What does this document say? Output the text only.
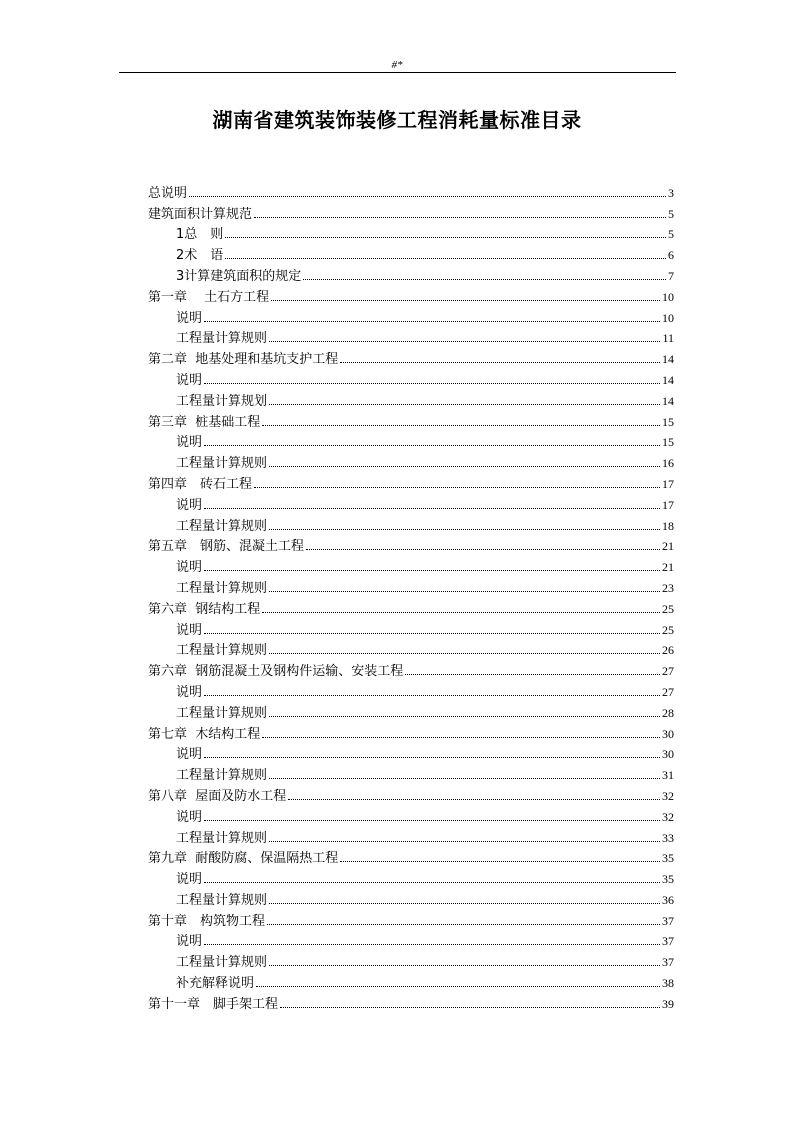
#*
湖南省建筑装饰装修工程消耗量标准目录
总说明	3
建筑面积计算规范	5
1总　则	5
2术　语	6
3计算建筑面积的规定	7
第一章　 土石方工程	10
说明	10
工程量计算规则	11
第二章  地基处理和基坑支护工程	14
说明	14
工程量计算规划	14
第三章  桩基础工程	15
说明	15
工程量计算规则	16
第四章　砖石工程	17
说明	17
工程量计算规则	18
第五章　钢筋、混凝土工程	21
说明	21
工程量计算规则	23
第六章  钢结构工程	25
说明	25
工程量计算规则	26
第六章  钢筋混凝土及钢构件运输、安装工程	27
说明	27
工程量计算规则	28
第七章  木结构工程	30
说明	30
工程量计算规则	31
第八章  屋面及防水工程	32
说明	32
工程量计算规则	33
第九章  耐酸防腐、保温隔热工程	35
说明	35
工程量计算规则	36
第十章　构筑物工程	37
说明	37
工程量计算规则	37
补充解释说明	38
第十一章　脚手架工程	39
